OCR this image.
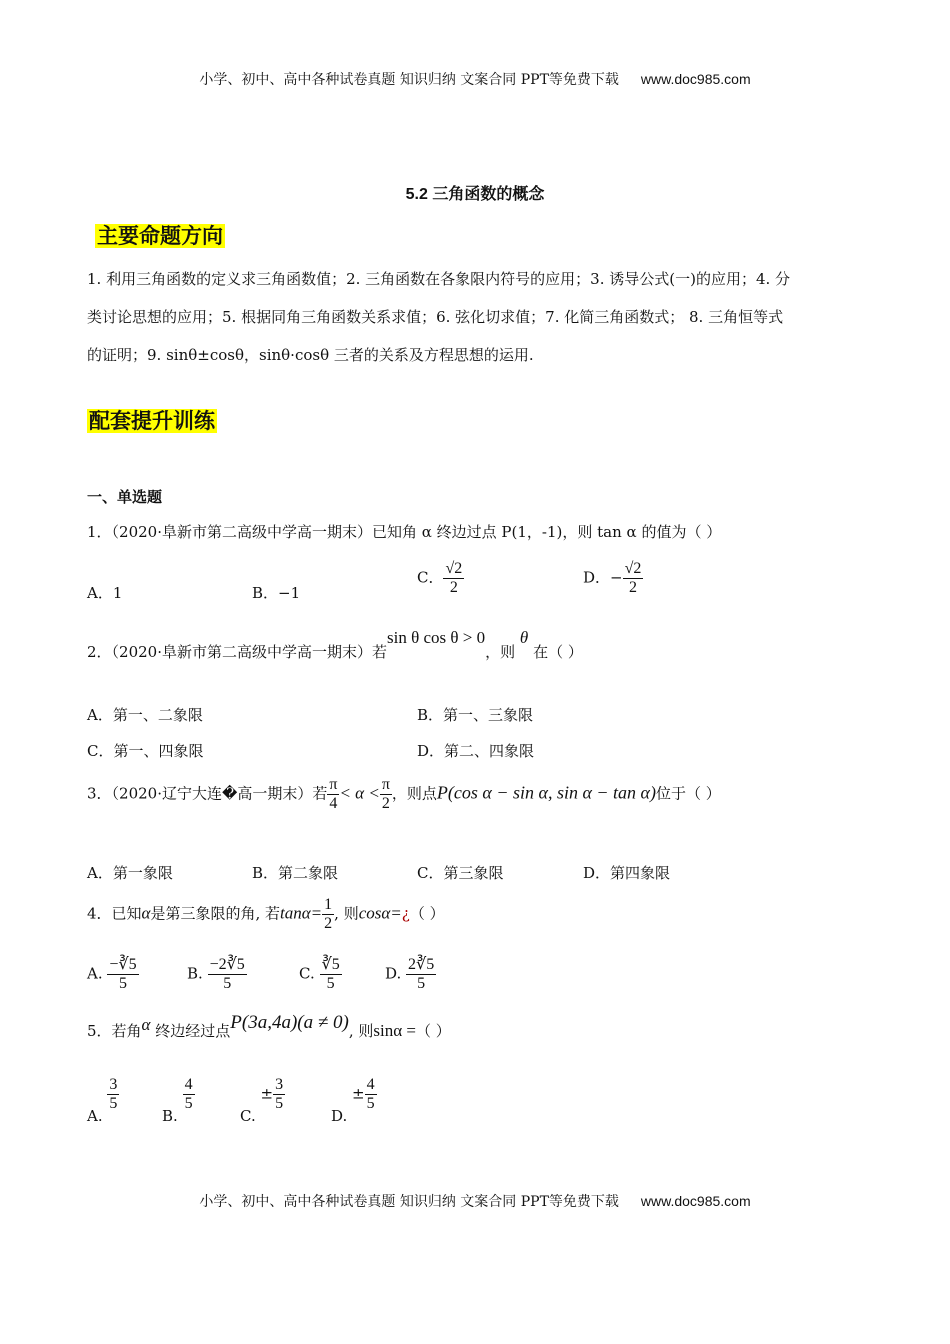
小学、初中、高中各种试卷真题 知识归纳 文案合同 PPT等免费下载 www.doc985.com
5.2 三角函数的概念
主要命题方向
1. 利用三角函数的定义求三角函数值；2. 三角函数在各象限内符号的应用；3. 诱导公式(一)的应用；4. 分
类讨论思想的应用；5. 根据同角三角函数关系求值；6. 弦化切求值；7. 化简三角函数式； 8. 三角恒等式
的证明；9. sinθ±cosθ，sinθ·cosθ 三者的关系及方程思想的运用.
配套提升训练
一、单选题
1．（2020·阜新市第二高级中学高一期末）已知角 α 终边过点 P(1，-1)，则 tan α 的值为（ ）
A．1	B．−1
C． $\frac{√2}{2}$	D．− $\frac{√2}{2}$
2．（2020·阜新市第二高级中学高一期末）若sin θ cos θ > 0，则 θ 在（ ）
A．第一、二象限	B．第一、三象限
C．第一、四象限	D．第二、四象限
3．（2020·辽宁大连�高一期末）若 $\frac{\pi}{4} < \alpha < \frac{\pi}{2}$ ，则点P(cos α − sin α, sin α − tan α)位于（ ）
A．第一象限	B．第二象限	C．第三象限	D．第四象限
4．已知α是第三象限的角, 若$\tan\alpha= \frac{1}{2}$ , 则cosα=¿（ ）
A. $\frac{-∛5}{5}$	B. $\frac{-2∛5}{5}$	C. $\frac{∛5}{5}$	D. $\frac{2∛5}{5}$
5．若角α 终边经过点P(3a,4a)(a ≠ 0), 则sinα =（ ）
A.
$\frac{3}{5}$
B.
$\frac{4}{5}$
C. ± $\frac{3}{5}$
D. ± $\frac{4}{5}$
小学、初中、高中各种试卷真题 知识归纳 文案合同 PPT等免费下载 www.doc985.com
